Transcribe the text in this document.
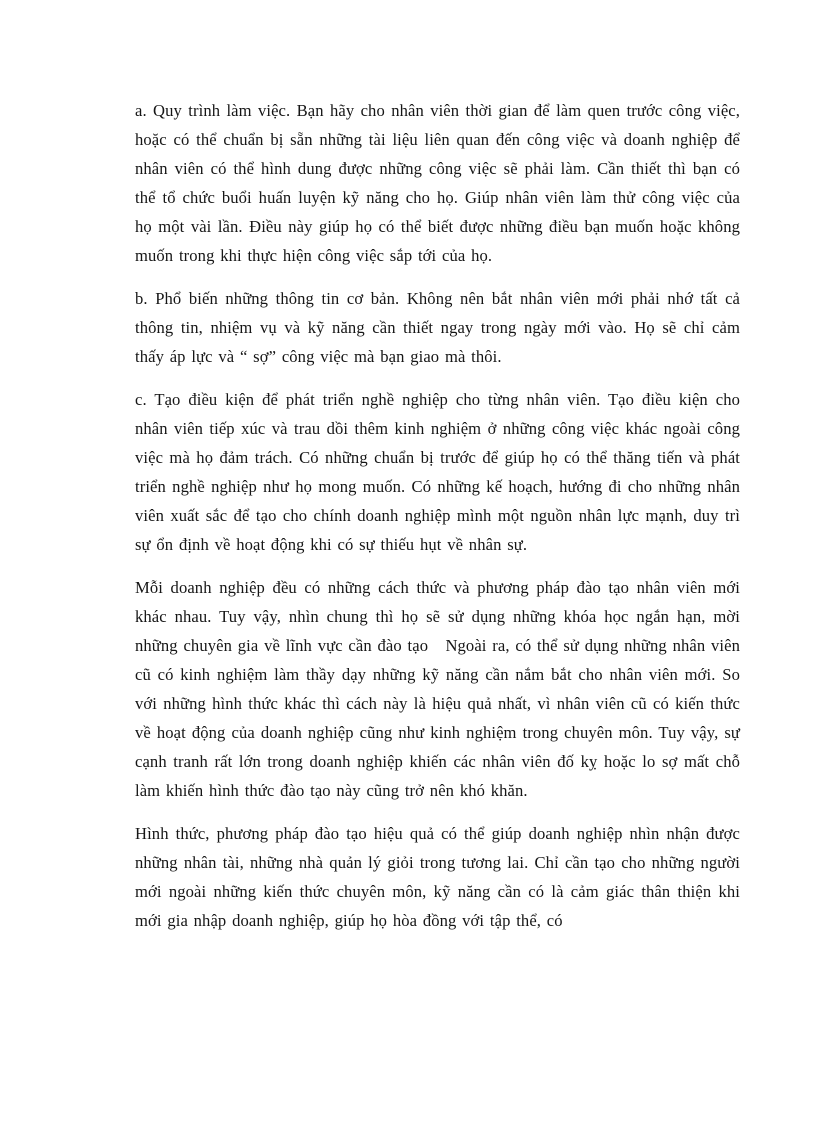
a. Quy trình làm việc. Bạn hãy cho nhân viên thời gian để làm quen trước công việc, hoặc có thể chuẩn bị sẵn những tài liệu liên quan đến công việc và doanh nghiệp để nhân viên có thể hình dung được những công việc sẽ phải làm. Cần thiết thì bạn có thể tổ chức buổi huấn luyện kỹ năng cho họ. Giúp nhân viên làm thử công việc của họ một vài lần. Điều này giúp họ có thể biết được những điều bạn muốn hoặc không muốn trong khi thực hiện công việc sắp tới của họ.

b. Phổ biến những thông tin cơ bản. Không nên bắt nhân viên mới phải nhớ tất cả thông tin, nhiệm vụ và kỹ năng cần thiết ngay trong ngày mới vào. Họ sẽ chỉ cảm thấy áp lực và “ sợ” công việc mà bạn giao mà thôi.

c. Tạo điều kiện để phát triển nghề nghiệp cho từng nhân viên. Tạo điều kiện cho nhân viên tiếp xúc và trau dồi thêm kinh nghiệm ở những công việc khác ngoài công việc mà họ đảm trách. Có những chuẩn bị trước để giúp họ có thể thăng tiến và phát triển nghề nghiệp như họ mong muốn. Có những kế hoạch, hướng đi cho những nhân viên xuất sắc để tạo cho chính doanh nghiệp mình một nguồn nhân lực mạnh, duy trì sự ổn định về hoạt động khi có sự thiếu hụt về nhân sự.

Mỗi doanh nghiệp đều có những cách thức và phương pháp đào tạo nhân viên mới khác nhau. Tuy vậy, nhìn chung thì họ sẽ sử dụng những khóa học ngắn hạn, mời những chuyên gia về lĩnh vực cần đào tạo   Ngoài ra, có thể sử dụng những nhân viên cũ có kinh nghiệm làm thầy dạy những kỹ năng cần nắm bắt cho nhân viên mới. So với những hình thức khác thì cách này là hiệu quả nhất, vì nhân viên cũ có kiến thức về hoạt động của doanh nghiệp cũng như kinh nghiệm trong chuyên môn. Tuy vậy, sự cạnh tranh rất lớn trong doanh nghiệp khiến các nhân viên đố kỵ hoặc lo sợ mất chỗ làm khiến hình thức đào tạo này cũng trở nên khó khăn.

Hình thức, phương pháp đào tạo hiệu quả có thể giúp doanh nghiệp nhìn nhận được những nhân tài, những nhà quản lý giỏi trong tương lai. Chỉ cần tạo cho những người mới ngoài những kiến thức chuyên môn, kỹ năng cần có là cảm giác thân thiện khi mới gia nhập doanh nghiệp, giúp họ hòa đồng với tập thể, có
